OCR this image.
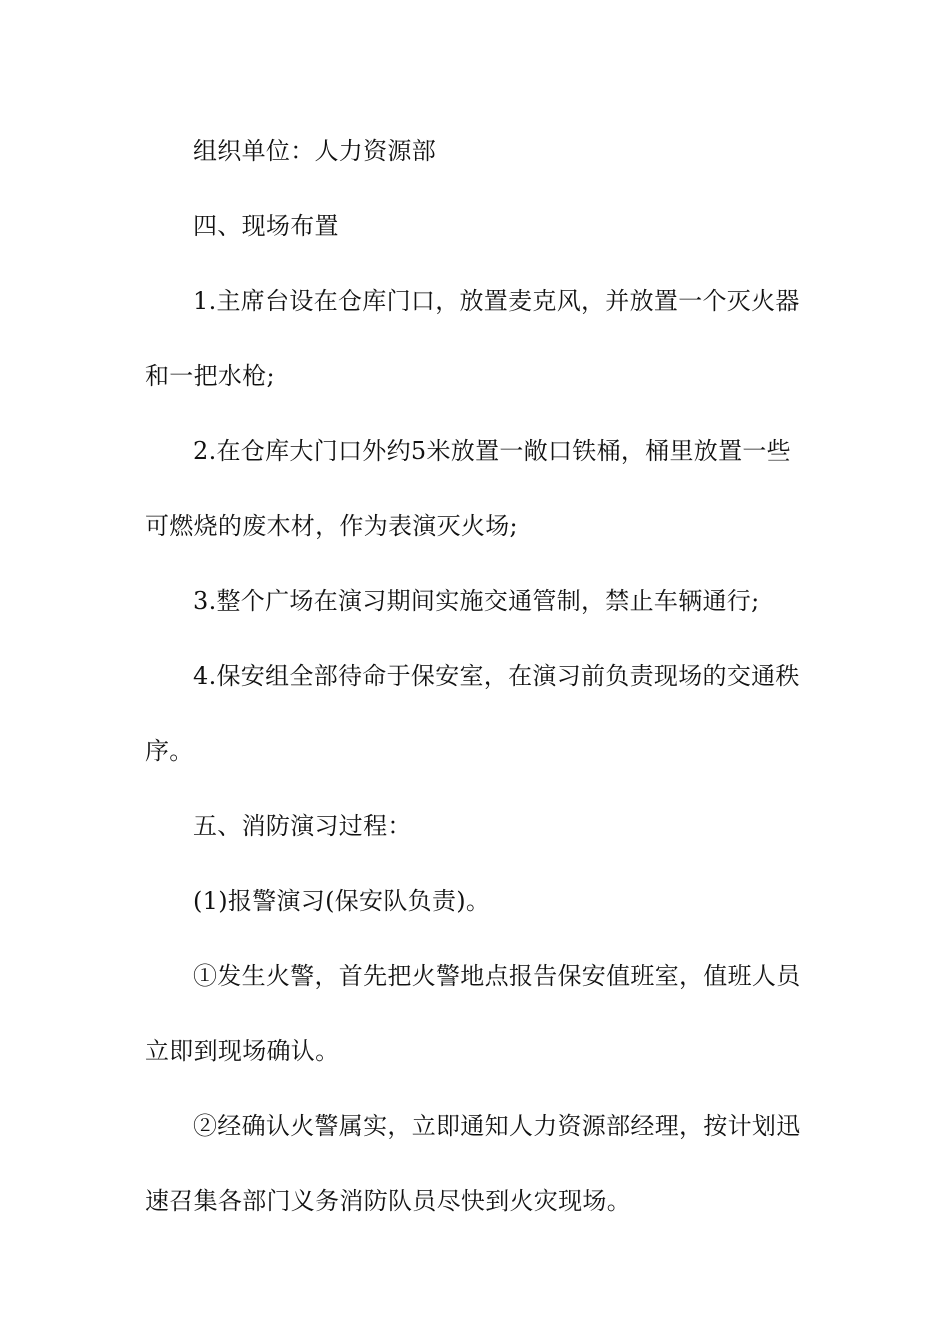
组织单位：人力资源部

四、现场布置

1.主席台设在仓库门口，放置麦克风，并放置一个灭火器和一把水枪;

2.在仓库大门口外约5米放置一敞口铁桶，桶里放置一些可燃烧的废木材，作为表演灭火场;

3.整个广场在演习期间实施交通管制，禁止车辆通行;

4.保安组全部待命于保安室，在演习前负责现场的交通秩序。

五、消防演习过程：

(1)报警演习(保安队负责)。

①发生火警，首先把火警地点报告保安值班室，值班人员立即到现场确认。

②经确认火警属实，立即通知人力资源部经理，按计划迅速召集各部门义务消防队员尽快到火灾现场。
